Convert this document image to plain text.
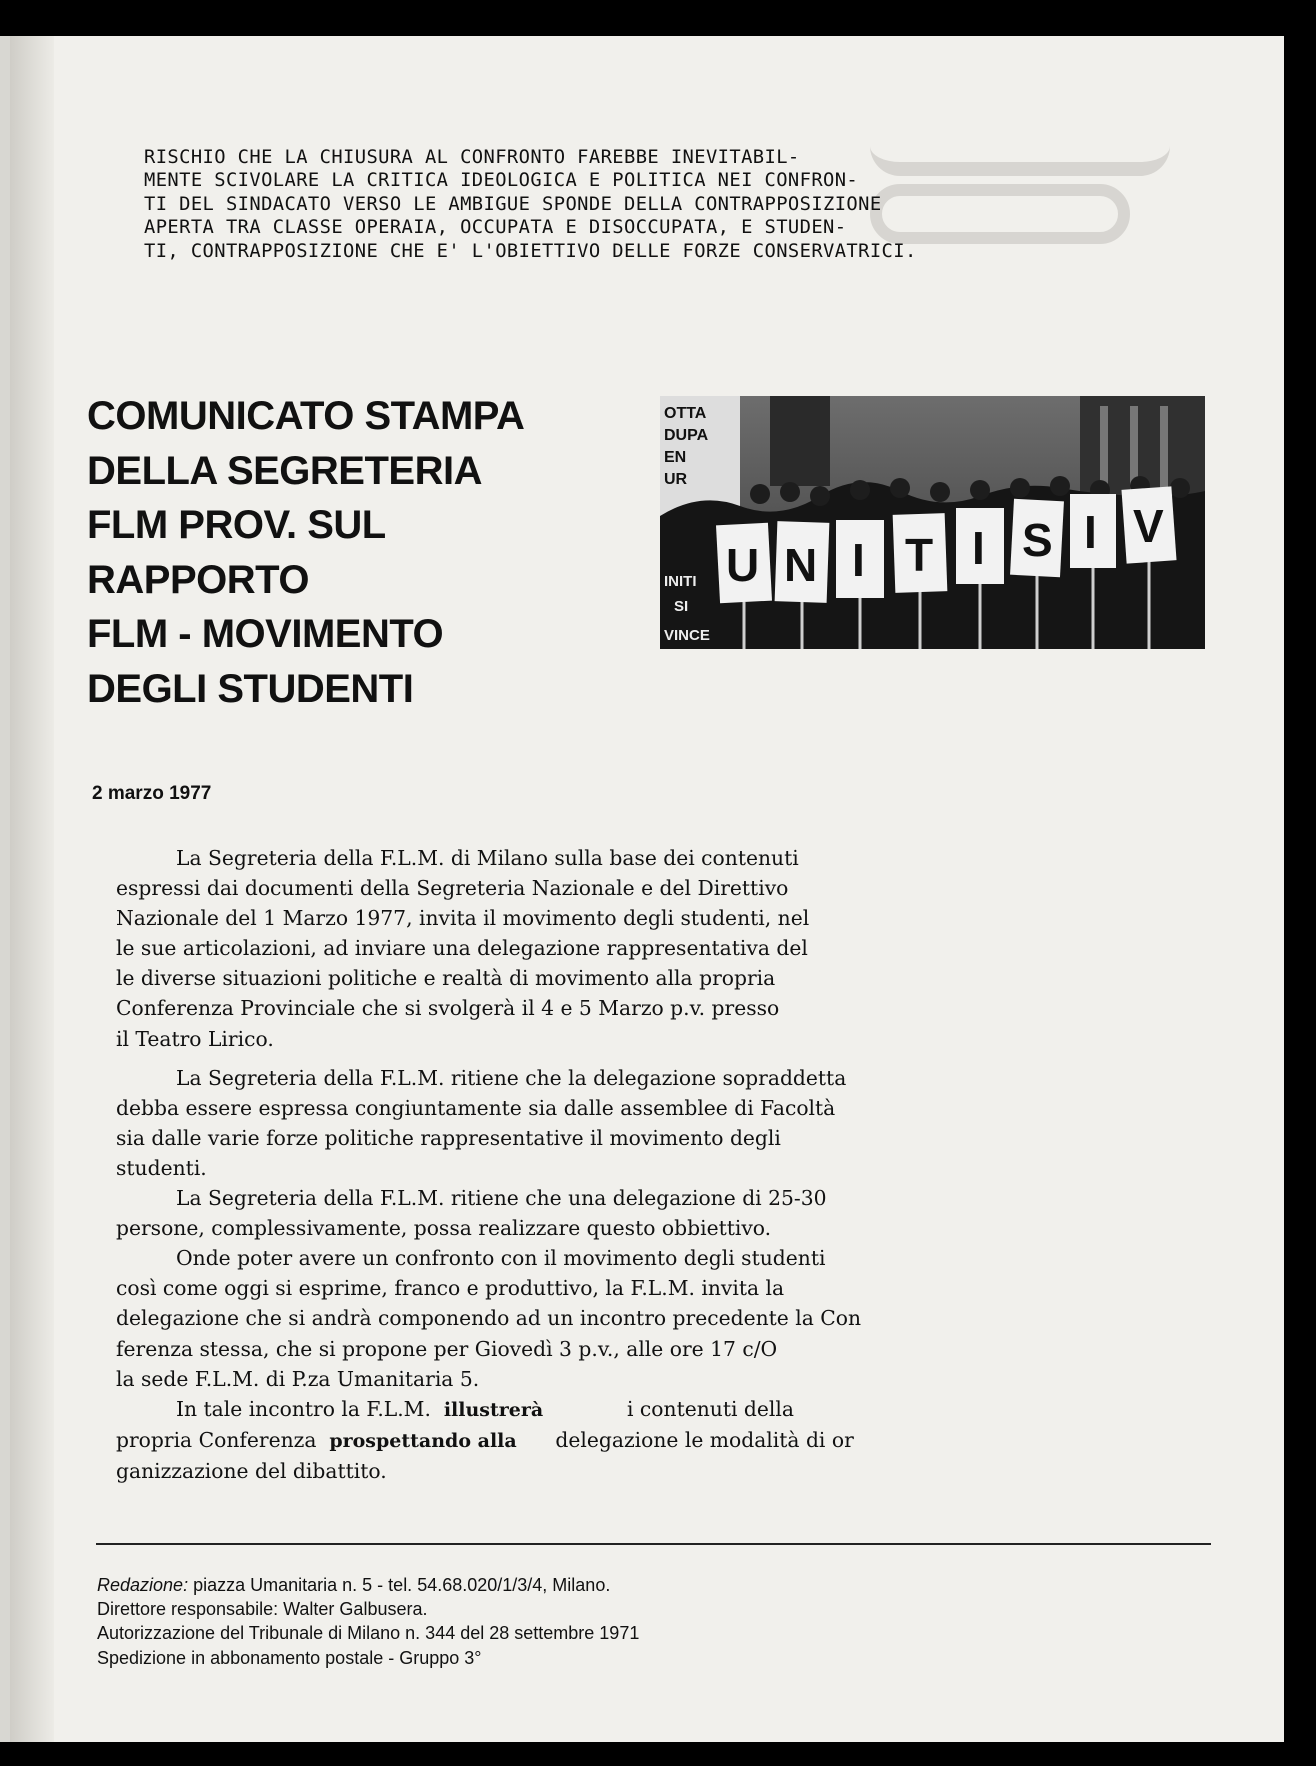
RISCHIO CHE LA CHIUSURA AL CONFRONTO FAREBBE INEVITABIL-
MENTE SCIVOLARE LA CRITICA IDEOLOGICA E POLITICA NEI CONFRON-
TI DEL SINDACATO VERSO LE AMBIGUE SPONDE DELLA CONTRAPPOSIZIONE
APERTA TRA CLASSE OPERAIA, OCCUPATA E DISOCCUPATA, E STUDEN-
TI, CONTRAPPOSIZIONE CHE E' L'OBIETTIVO DELLE FORZE CONSERVATRICI.
COMUNICATO STAMPA
DELLA SEGRETERIA
FLM PROV. SUL
RAPPORTO
FLM - MOVIMENTO
DEGLI STUDENTI
OTTA
DUPA
EN
UR
INITI
SI
VINCE
U N I T I S I V
2 marzo 1977
La Segreteria della F.L.M. di Milano sulla base dei contenuti
espressi dai documenti della Segreteria Nazionale e del Direttivo
Nazionale del 1 Marzo 1977, invita il movimento degli studenti, nel
le sue articolazioni, ad inviare una delegazione rappresentativa del
le diverse situazioni politiche e realtà di movimento alla propria
Conferenza Provinciale che si svolgerà il 4 e 5 Marzo p.v. presso
il Teatro Lirico.
La Segreteria della F.L.M. ritiene che la delegazione sopraddetta
debba essere espressa congiuntamente sia dalle assemblee di Facoltà
sia dalle varie forze politiche rappresentative il movimento degli
studenti.
La Segreteria della F.L.M. ritiene che una delegazione di 25-30
persone, complessivamente, possa realizzare questo obbiettivo.
Onde poter avere un confronto con il movimento degli studenti
così come oggi si esprime, franco e produttivo, la F.L.M. invita la
delegazione che si andrà componendo ad un incontro precedente la Con
ferenza stessa, che si propone per Giovedì 3 p.v., alle ore 17 c/O
la sede F.L.M. di P.za Umanitaria 5.
In tale incontro la F.L.M. illustrerà	i contenuti della
propria Conferenza prospettando alla delegazione le modalità di or
ganizzazione del dibattito.
Redazione: piazza Umanitaria n. 5 - tel. 54.68.020/1/3/4, Milano.
Direttore responsabile: Walter Galbusera.
Autorizzazione del Tribunale di Milano n. 344 del 28 settembre 1971
Spedizione in abbonamento postale - Gruppo 3°
